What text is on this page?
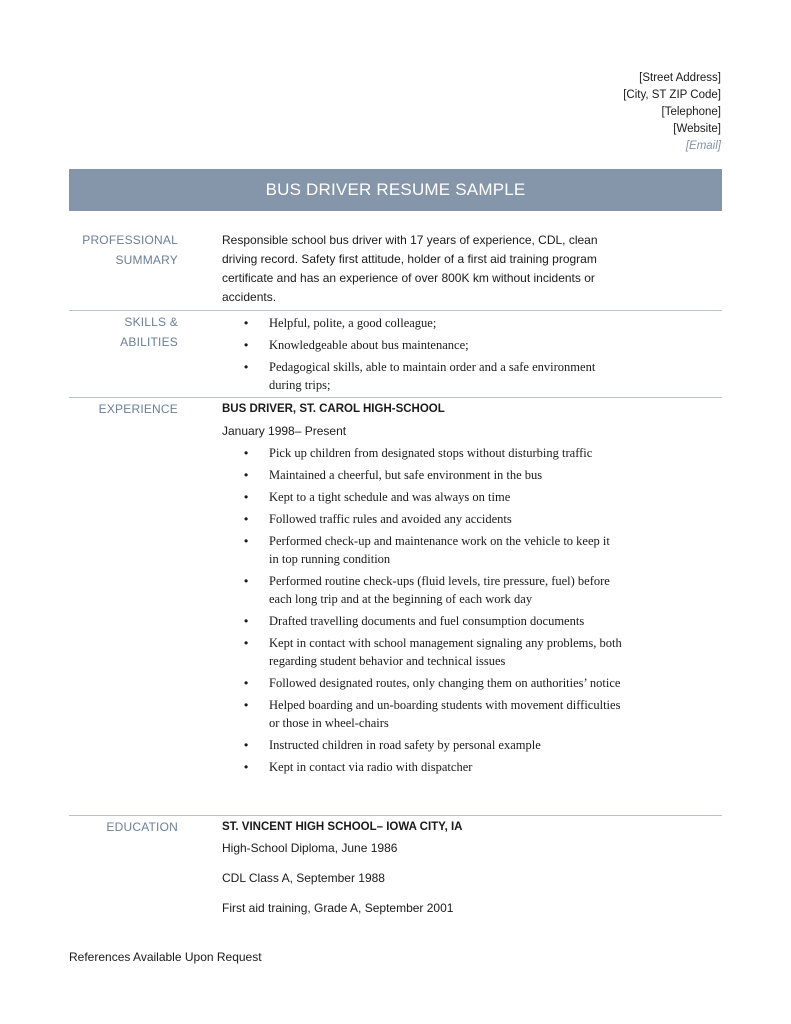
[Street Address]
[City, ST ZIP Code]
[Telephone]
[Website]
[Email]
BUS DRIVER RESUME SAMPLE
PROFESSIONAL
SUMMARY

Responsible school bus driver with 17 years of experience, CDL, clean driving record. Safety first attitude, holder of a first aid training program certificate and has an experience of over 800K km without incidents or accidents.

SKILLS & ABILITIES
• Helpful, polite, a good colleague;
• Knowledgeable about bus maintenance;
• Pedagogical skills, able to maintain order and a safe environment during trips;
EXPERIENCE	BUS DRIVER, ST. CAROL HIGH-SCHOOL
January 1998– Present
• Pick up children from designated stops without disturbing traffic
• Maintained a cheerful, but safe environment in the bus
• Kept to a tight schedule and was always on time
• Followed traffic rules and avoided any accidents
• Performed check-up and maintenance work on the vehicle to keep it in top running condition
• Performed routine check-ups (fluid levels, tire pressure, fuel) before each long trip and at the beginning of each work day
• Drafted travelling documents and fuel consumption documents
• Kept in contact with school management signaling any problems, both regarding student behavior and technical issues
• Followed designated routes, only changing them on authorities’ notice
• Helped boarding and un-boarding students with movement difficulties or those in wheel-chairs
• Instructed children in road safety by personal example
• Kept in contact via radio with dispatcher
EDUCATION	ST. VINCENT HIGH SCHOOL– IOWA CITY, IA
High-School Diploma, June 1986
CDL Class A, September 1988
First aid training, Grade A, September 2001
References Available Upon Request
